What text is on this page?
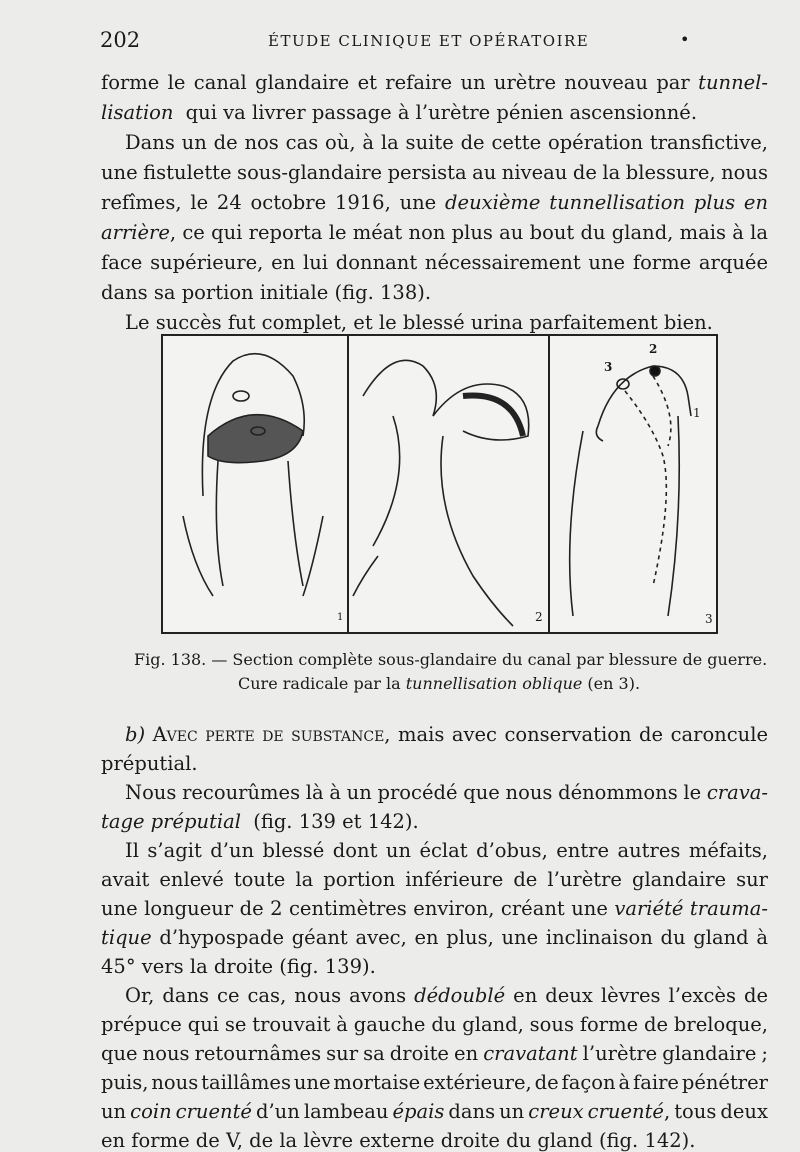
202	ÉTUDE CLINIQUE ET OPÉRATOIRE	•
forme le canal glandaire et refaire un urètre nouveau par tunnel-
lisation qui va livrer passage à l’urètre pénien ascensionné.
Dans un de nos cas où, à la suite de cette opération transfictive,
une fistulette sous-glandaire persista au niveau de la blessure, nous
refîmes, le 24 octobre 1916, une deuxième tunnellisation plus en
arrière, ce qui reporta le méat non plus au bout du gland, mais à la
face supérieure, en lui donnant nécessairement une forme arquée
dans sa portion initiale (fig. 138).
Le succès fut complet, et le blessé urina parfaitement bien.
1	2	3
1
2
3
Fig. 138. — Section complète sous-glandaire du canal par blessure de guerre.
Cure radicale par la tunnellisation oblique (en 3).
b) Avec perte de substance, mais avec conservation de caroncule
préputial.
Nous recourûmes là à un procédé que nous dénommons le crava-
tage préputial (fig. 139 et 142).
Il s’agit d’un blessé dont un éclat d’obus, entre autres méfaits,
avait enlevé toute la portion inférieure de l’urètre glandaire sur
une longueur de 2 centimètres environ, créant une variété trauma-
tique d’hypospade géant avec, en plus, une inclinaison du gland à
45° vers la droite (fig. 139).
Or, dans ce cas, nous avons dédoublé en deux lèvres l’excès de
prépuce qui se trouvait à gauche du gland, sous forme de breloque,
que nous retournâmes sur sa droite en cravatant l’urètre glandaire ;
puis, nous taillâmes une mortaise extérieure, de façon à faire pénétrer
un coin cruenté d’un lambeau épais dans un creux cruenté, tous deux
en forme de V, de la lèvre externe droite du gland (fig. 142).
